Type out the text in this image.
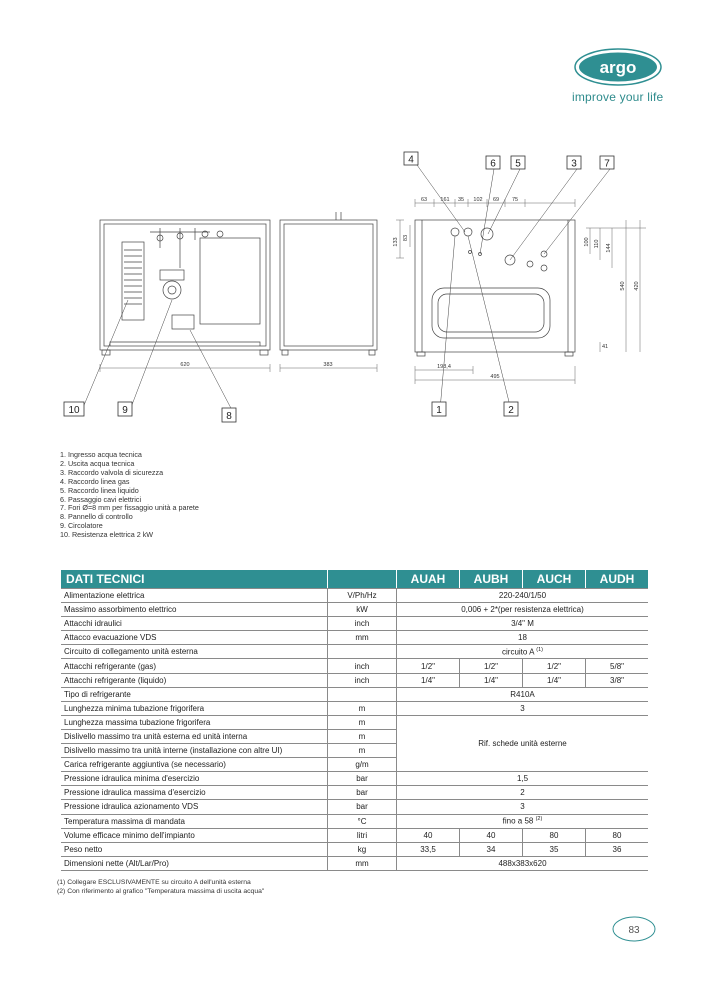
argo
improve your life
620	383
63 161 35 102 69 75
198,4
495
41
133 83	100 110 144
540 420
4	6 5	3	7
10	9
8
1	2
1. Ingresso acqua tecnica
2. Uscita acqua tecnica
3. Raccordo valvola di sicurezza
4. Raccordo linea gas
5. Raccordo linea liquido
6. Passaggio cavi elettrici
7. Fori Ø=8 mm per fissaggio unità a parete
8. Pannello di controllo
9. Circolatore
10. Resistenza elettrica 2 kW
DATI TECNICI		AUAH	AUBH	AUCH	AUDH
Alimentazione elettrica	V/Ph/Hz	220-240/1/50			
Massimo assorbimento elettrico	kW	0,006 + 2*(per resistenza elettrica)			
Attacchi idraulici	inch	3/4" M			
Attacco evacuazione VDS	mm	18			
Circuito di collegamento unità esterna		circuito A $^{(1)}$
Attacchi refrigerante (gas)	inch	1/2"	1/2"	1/2"	5/8"
Attacchi refrigerante (liquido)	inch	1/4"	1/4"	1/4"	3/8"
Tipo di refrigerante		R410A			
Lunghezza minima tubazione frigorifera	m	3			
Lunghezza massima tubazione frigorifera	m	Rif. schede unità esterne			
Dislivello massimo tra unità esterna ed unità interna	m				
Dislivello massimo tra unità interne (installazione con altre UI)	m				
Carica refrigerante aggiuntiva (se necessario)	g/m				
Pressione idraulica minima d'esercizio	bar	1,5			
Pressione idraulica massima d'esercizio	bar	2			
Pressione idraulica azionamento VDS	bar	3			
Temperatura massima di mandata	°C	fino a 58 $^{(2)}$
Volume efficace minimo dell'impianto	litri	40	40	80	80
Peso netto	kg	33,5	34	35	36
Dimensioni nette (Alt/Lar/Pro)	mm	488x383x620			
(1) Collegare ESCLUSIVAMENTE su circuito A dell'unità esterna
(2) Con riferimento al grafico "Temperatura massima di uscita acqua"
83
